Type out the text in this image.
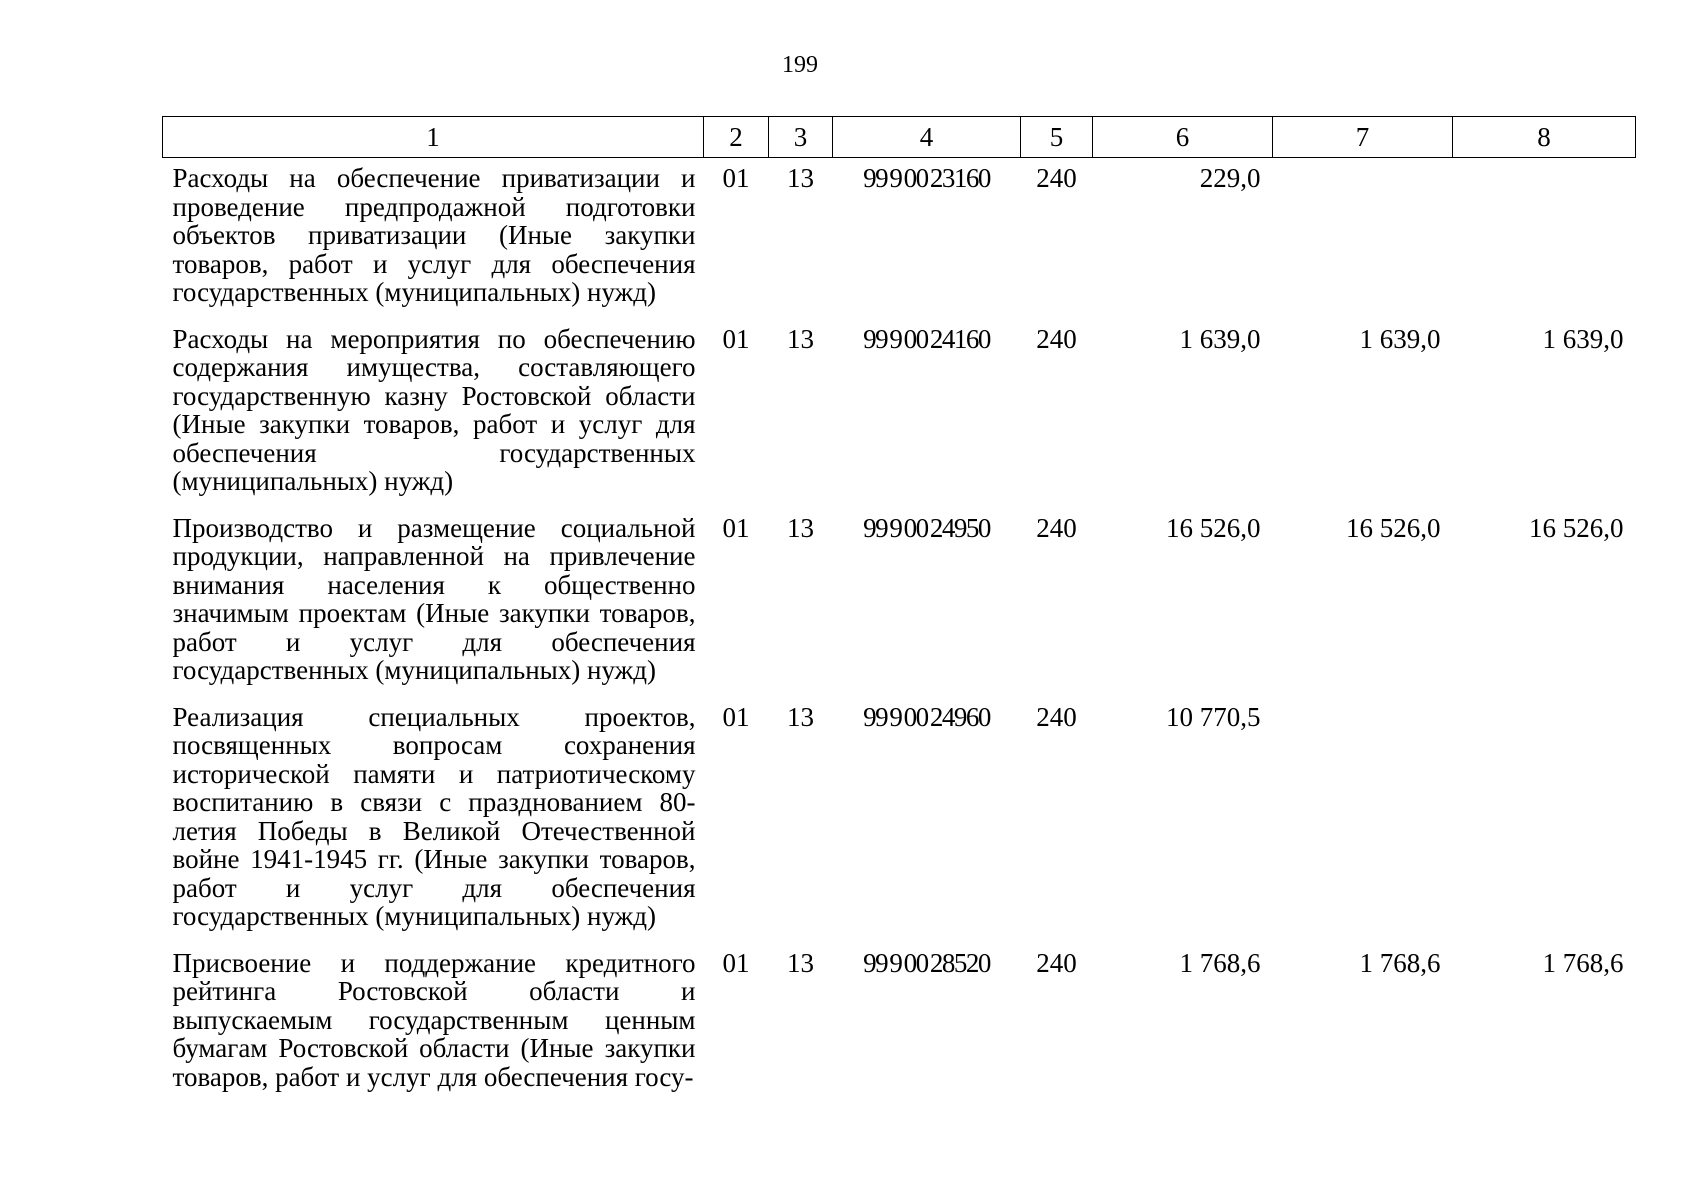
199
1	2	3	4	5	6	7	8
Расходы на обеспечение приватизации и проведение предпродажной подготовки объектов приватизации (Иные закупки товаров, работ и услуг для обеспечения государственных (муниципальных) нужд)	01	13	99 9 00 23160	240	229,0		
Расходы на мероприятия по обеспечению содержания имущества, составляющего государственную казну Ростовской области (Иные закупки товаров, работ и услуг для обеспечения государственных (муниципальных) нужд)	01	13	99 9 00 24160	240	1 639,0	1 639,0	1 639,0
Производство и размещение социальной продукции, направленной на привлечение внимания населения к общественно значимым проектам (Иные закупки товаров, работ и услуг для обеспечения государственных (муниципальных) нужд)	01	13	99 9 00 24950	240	16 526,0	16 526,0	16 526,0
Реализация специальных проектов, посвященных вопросам сохранения исторической памяти и патриотическому воспитанию в связи с празднованием 80-летия Победы в Великой Отечественной войне 1941-1945 гг. (Иные закупки товаров, работ и услуг для обеспечения государственных (муниципальных) нужд)	01	13	99 9 00 24960	240	10 770,5		
Присвоение и поддержание кредитного рейтинга Ростовской области и выпускаемым государственным ценным бумагам Ростовской области (Иные закупки товаров, работ и услуг для обеспечения госу-	01	13	99 9 00 28520	240	1 768,6	1 768,6	1 768,6
